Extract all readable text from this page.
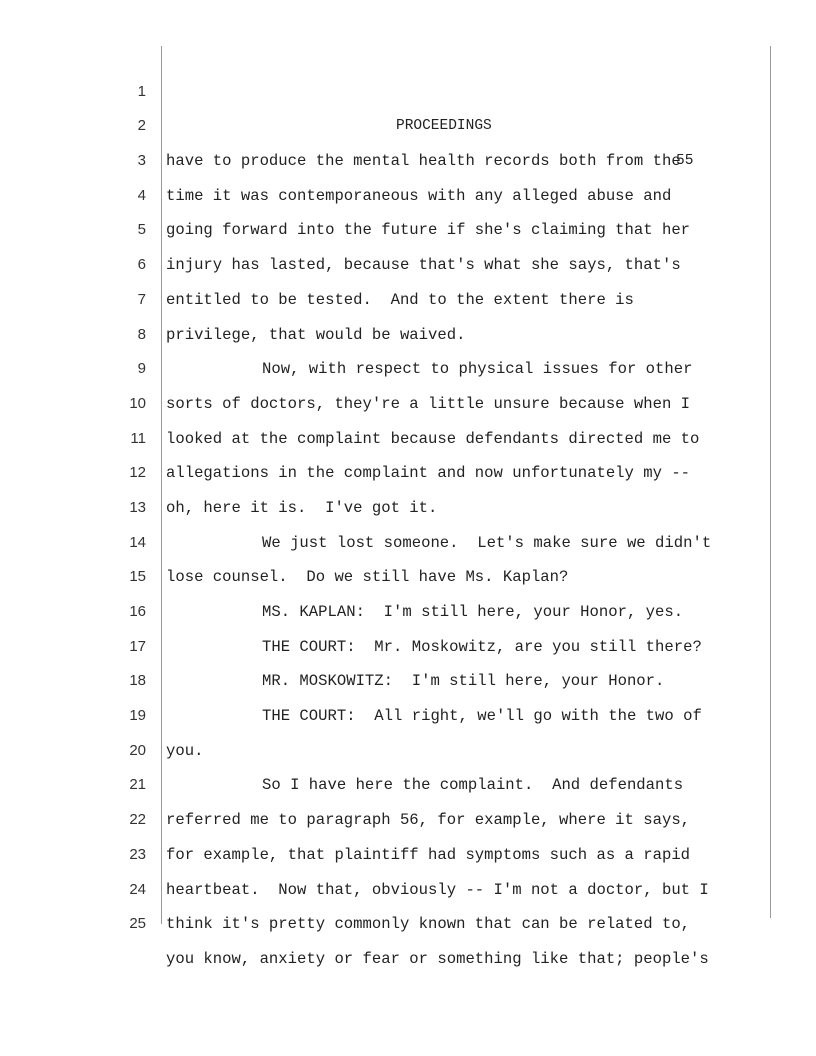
1

PROCEEDINGS

55

2

have to produce the mental health records both from the

3

time it was contemporaneous with any alleged abuse and

4

going forward into the future if she's claiming that her

5

injury has lasted, because that's what she says, that's

6

entitled to be tested.  And to the extent there is

7

privilege, that would be waived.

8

Now, with respect to physical issues for other

9

sorts of doctors, they're a little unsure because when I

10

looked at the complaint because defendants directed me to

11

allegations in the complaint and now unfortunately my --

12

oh, here it is.  I've got it.

13

We just lost someone.  Let's make sure we didn't

14

lose counsel.  Do we still have Ms. Kaplan?

15

MS. KAPLAN:  I'm still here, your Honor, yes.

16

THE COURT:  Mr. Moskowitz, are you still there?

17

MR. MOSKOWITZ:  I'm still here, your Honor.

18

THE COURT:  All right, we'll go with the two of

19

you.

20

So I have here the complaint.  And defendants

21

referred me to paragraph 56, for example, where it says,

22

for example, that plaintiff had symptoms such as a rapid

23

heartbeat.  Now that, obviously -- I'm not a doctor, but I

24

think it's pretty commonly known that can be related to,

25

you know, anxiety or fear or something like that; people's
